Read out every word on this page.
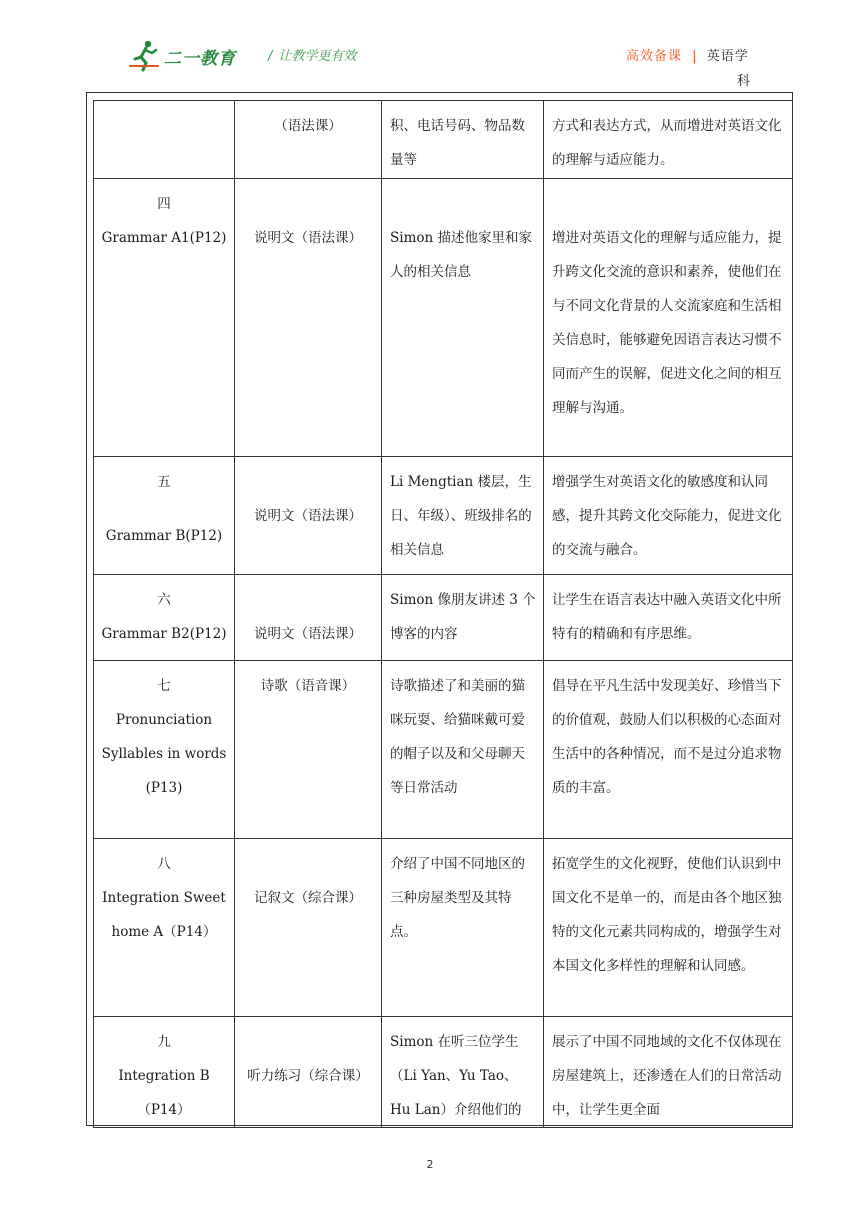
二一教育 / 让教学更有效	高效备课 | 英语学
科
	（语法课）	积、电话号码、物品数量等	方式和表达方式，从而增进对英语文化的理解与适应能力。

四
Grammar A1(P12)	说明文（语法课）	Simon 描述他家里和家人的相关信息	增进对英语文化的理解与适应能力，提升跨文化交流的意识和素养，使他们在与不同文化背景的人交流家庭和生活相关信息时，能够避免因语言表达习惯不同而产生的误解，促进文化之间的相互理解与沟通。

五
Grammar B(P12)	说明文（语法课）	Li Mengtian 楼层，生日、年级）、班级排名的相关信息	增强学生对英语文化的敏感度和认同感，提升其跨文化交际能力，促进文化的交流与融合。

六
Grammar B2(P12)	说明文（语法课）	Simon 像朋友讲述 3 个博客的内容	让学生在语言表达中融入英语文化中所特有的精确和有序思维。

七
Pronunciation Syllables in words (P13)	诗歌（语音课）	诗歌描述了和美丽的猫咪玩耍、给猫咪戴可爱的帽子以及和父母聊天等日常活动	倡导在平凡生活中发现美好、珍惜当下的价值观，鼓励人们以积极的心态面对生活中的各种情况，而不是过分追求物质的丰富。

八
Integration Sweet home A（P14）	记叙文（综合课）	介绍了中国不同地区的三种房屋类型及其特点。	拓宽学生的文化视野，使他们认识到中国文化不是单一的，而是由各个地区独特的文化元素共同构成的，增强学生对本国文化多样性的理解和认同感。

九
Integration B （P14）	听力练习（综合课）	Simon 在听三位学生（Li Yan、Yu Tao、Hu Lan）介绍他们的	展示了中国不同地域的文化不仅体现在房屋建筑上，还渗透在人们的日常活动中，让学生更全面
2
